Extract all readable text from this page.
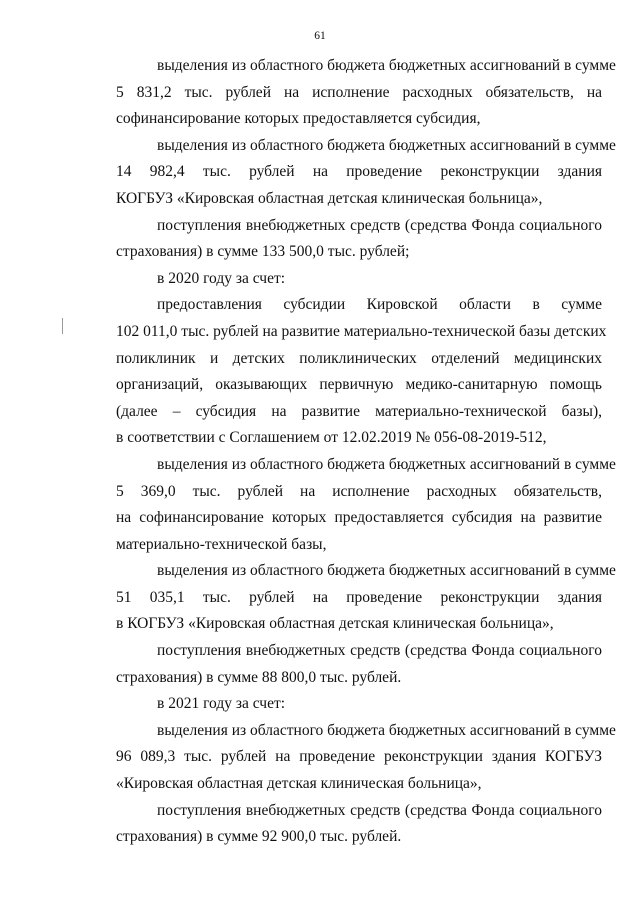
61

выделения из областного бюджета бюджетных ассигнований в сумме
5 831,2 тыс. рублей на исполнение расходных обязательств, на
софинансирование которых предоставляется субсидия,

выделения из областного бюджета бюджетных ассигнований в сумме
14 982,4 тыс. рублей на проведение реконструкции здания
КОГБУЗ «Кировская областная детская клиническая больница»,

поступления внебюджетных средств (средства Фонда социального
страхования) в сумме 133 500,0 тыс. рублей;

в 2020 году за счет:

предоставления субсидии Кировской области в сумме
102 011,0 тыс. рублей на развитие материально-технической базы детских
поликлиник и детских поликлинических отделений медицинских
организаций, оказывающих первичную медико-санитарную помощь
(далее – субсидия на развитие материально-технической базы),
в соответствии с Соглашением от 12.02.2019 № 056-08-2019-512,

выделения из областного бюджета бюджетных ассигнований в сумме
5 369,0 тыс. рублей на исполнение расходных обязательств,
на софинансирование которых предоставляется субсидия на развитие
материально-технической базы,

выделения из областного бюджета бюджетных ассигнований в сумме
51 035,1 тыс. рублей на проведение реконструкции здания
в КОГБУЗ «Кировская областная детская клиническая больница»,

поступления внебюджетных средств (средства Фонда социального
страхования) в сумме 88 800,0 тыс. рублей.

в 2021 году за счет:

выделения из областного бюджета бюджетных ассигнований в сумме
96 089,3 тыс. рублей на проведение реконструкции здания КОГБУЗ
«Кировская областная детская клиническая больница»,

поступления внебюджетных средств (средства Фонда социального
страхования) в сумме 92 900,0 тыс. рублей.
